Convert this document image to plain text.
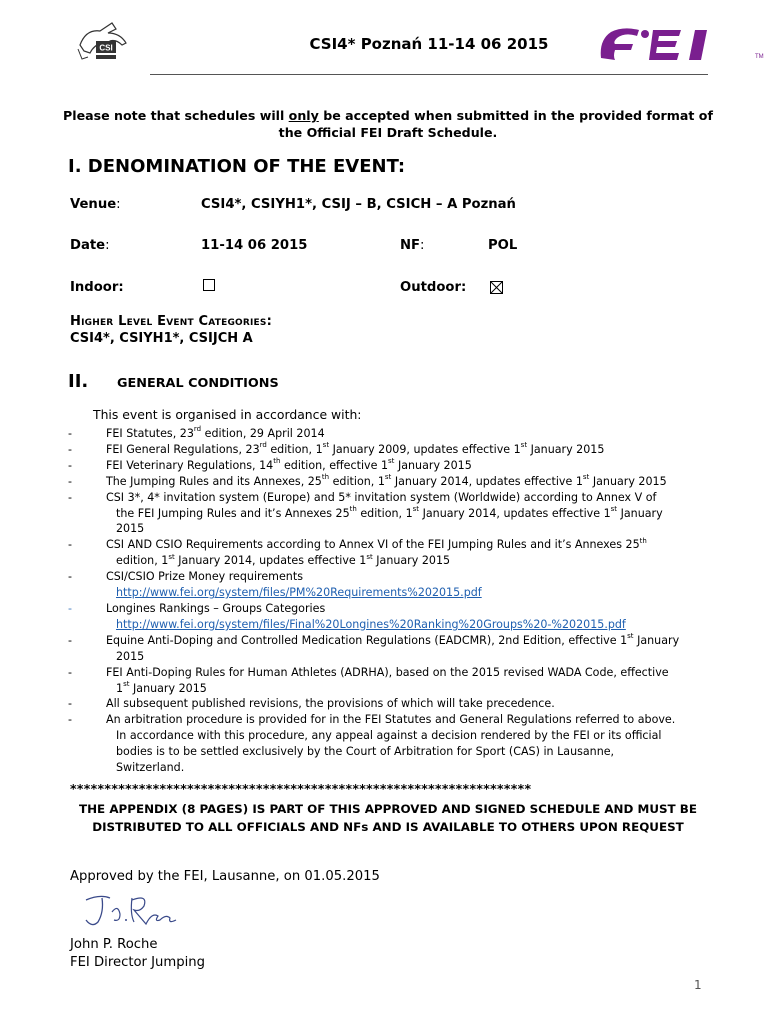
CSI	CSI4* Poznań 11-14 06 2015
TM
Please note that schedules will only be accepted when submitted in the provided format of the Official FEI Draft Schedule.
I. DENOMINATION OF THE EVENT:
Venue:	CSI4*, CSIYH1*, CSIJ – B, CSICH – A Poznań
Date:	11-14 06 2015	NF:	POL
Indoor:	Outdoor:
Higher Level Event Categories:
CSI4*, CSIYH1*, CSIJCH A
II. GENERAL CONDITIONS
This event is organised in accordance with:
-	FEI Statutes, 23rd edition, 29 April 2014
-	FEI General Regulations, 23rd edition, 1st January 2009, updates effective 1st January 2015
-	FEI Veterinary Regulations, 14th edition, effective 1st January 2015
-	The Jumping Rules and its Annexes, 25th edition, 1st January 2014, updates effective 1st January 2015
-	CSI 3*, 4* invitation system (Europe) and 5* invitation system (Worldwide) according to Annex V of
the FEI Jumping Rules and it’s Annexes 25th edition, 1st January 2014, updates effective 1st January
2015
-	CSI AND CSIO Requirements according to Annex VI of the FEI Jumping Rules and it’s Annexes 25th
edition, 1st January 2014, updates effective 1st January 2015
-	CSI/CSIO Prize Money requirements
http://www.fei.org/system/files/PM%20Requirements%202015.pdf
-	Longines Rankings – Groups Categories
http://www.fei.org/system/files/Final%20Longines%20Ranking%20Groups%20-%202015.pdf
-	Equine Anti-Doping and Controlled Medication Regulations (EADCMR), 2nd Edition, effective 1st January
2015
-	FEI Anti-Doping Rules for Human Athletes (ADRHA), based on the 2015 revised WADA Code, effective
1st January 2015
-	All subsequent published revisions, the provisions of which will take precedence.
-	An arbitration procedure is provided for in the FEI Statutes and General Regulations referred to above.
In accordance with this procedure, any appeal against a decision rendered by the FEI or its official
bodies is to be settled exclusively by the Court of Arbitration for Sport (CAS) in Lausanne,
Switzerland.
*******************************************************************
THE APPENDIX (8 PAGES) IS PART OF THIS APPROVED AND SIGNED SCHEDULE AND MUST BE DISTRIBUTED TO ALL OFFICIALS AND NFs AND IS AVAILABLE TO OTHERS UPON REQUEST
Approved by the FEI, Lausanne, on 01.05.2015
John P. Roche
FEI Director Jumping
1
